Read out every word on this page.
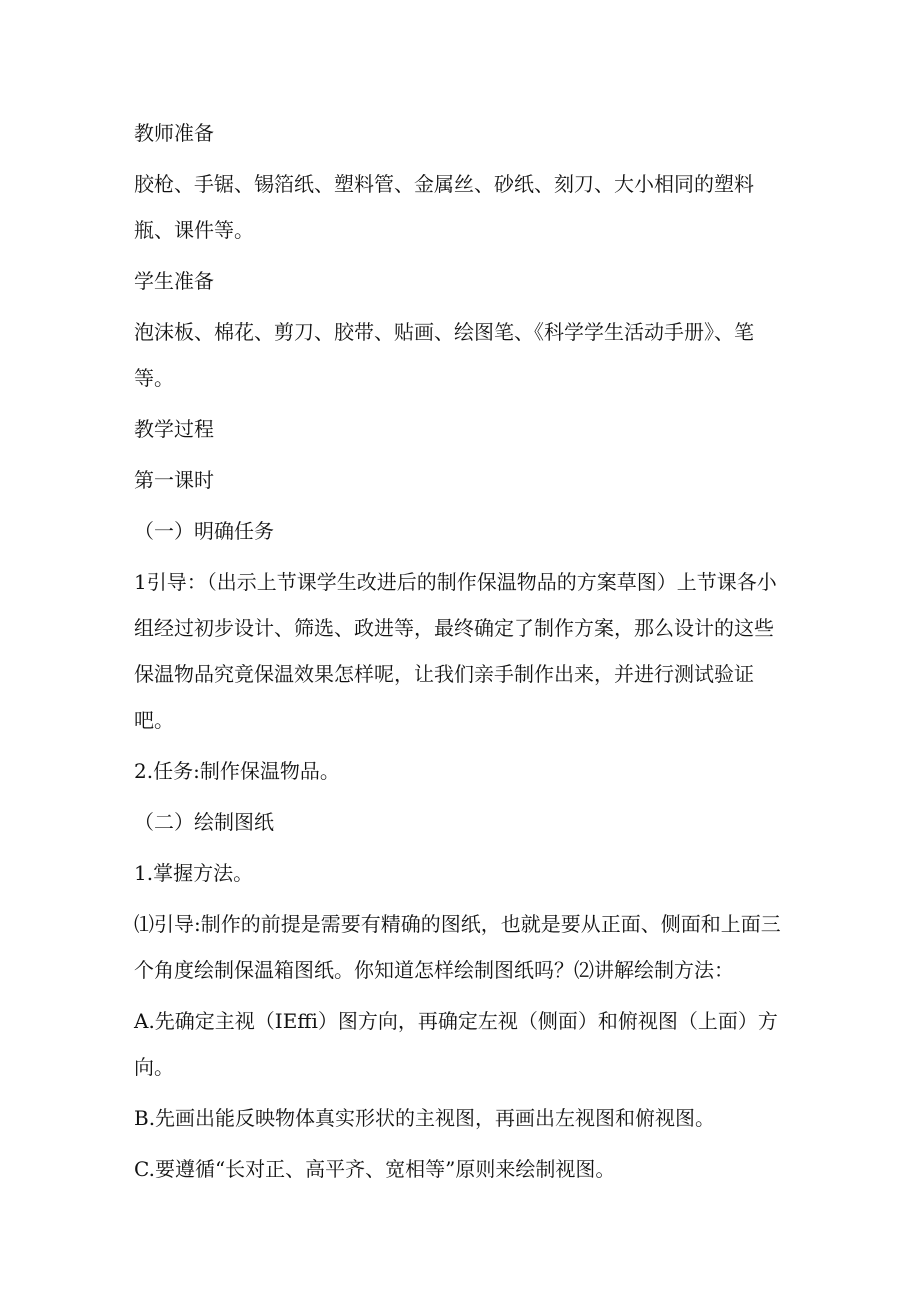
教师准备

胶枪、手锯、锡箔纸、塑料管、金属丝、砂纸、刻刀、大小相同的塑料瓶、课件等。

学生准备

泡沫板、棉花、剪刀、胶带、贴画、绘图笔、《科学学生活动手册》、笔等。

教学过程

第一课时

（一）明确任务

1引导：（出示上节课学生改进后的制作保温物品的方案草图）上节课各小组经过初步设计、筛选、政进等，最终确定了制作方案，那么设计的这些保温物品究竟保温效果怎样呢，让我们亲手制作出来，并进行测试验证吧。

2.任务:制作保温物品。

（二）绘制图纸

1.掌握方法。

⑴引导:制作的前提是需要有精确的图纸，也就是要从正面、侧面和上面三个角度绘制保温箱图纸。你知道怎样绘制图纸吗？⑵讲解绘制方法：

A.先确定主视（IEffi）图方向，再确定左视（侧面）和俯视图（上面）方向。

B.先画出能反映物体真实形状的主视图，再画出左视图和俯视图。

C.要遵循“长对正、高平齐、宽相等”原则来绘制视图。
